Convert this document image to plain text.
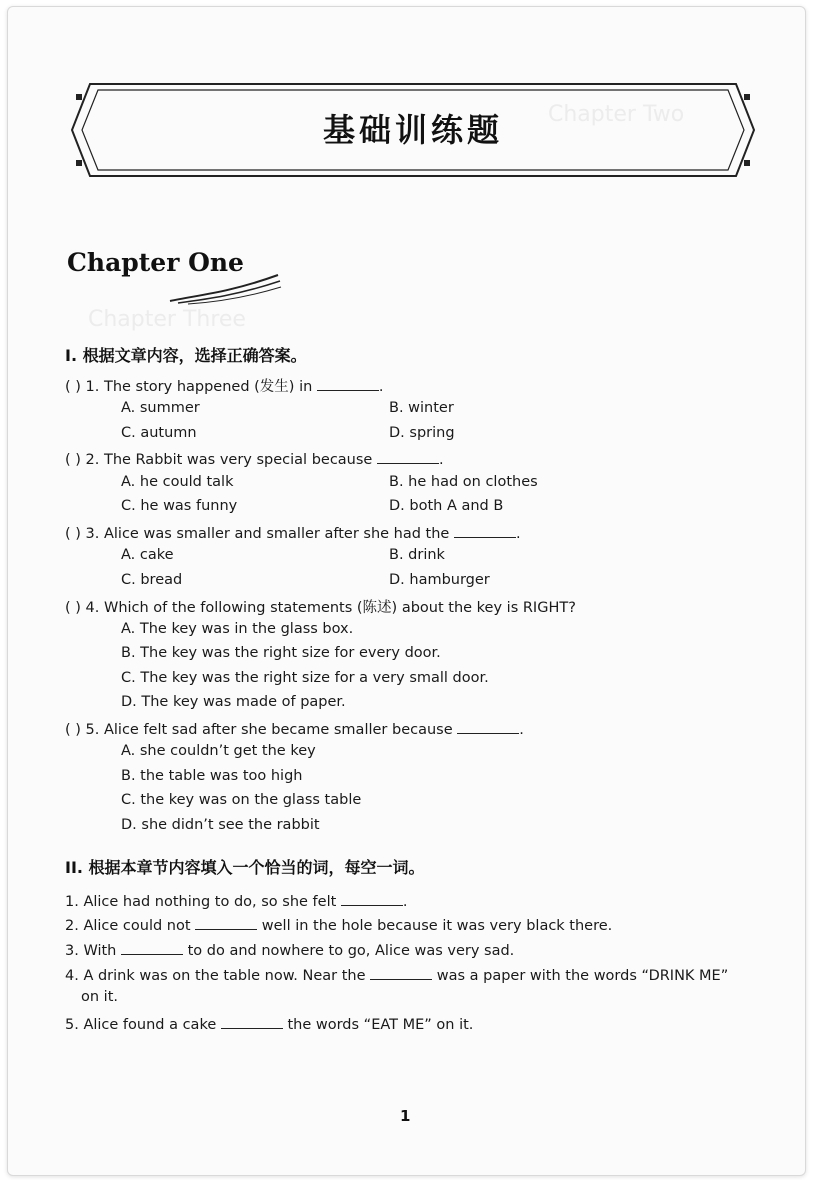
Chapter Two
Chapter Three
基础训练题
Chapter One
I. 根据文章内容，选择正确答案。
( ) 1. The story happened (发生) in	.
A. summer	B. winter
C. autumn	D. spring
( ) 2. The Rabbit was very special because	.
A. he could talk	B. he had on clothes
C. he was funny	D. both A and B
( ) 3. Alice was smaller and smaller after she had the	.
A. cake	B. drink
C. bread	D. hamburger
( ) 4. Which of the following statements (陈述) about the key is RIGHT?
A. The key was in the glass box.
B. The key was the right size for every door.
C. The key was the right size for a very small door.
D. The key was made of paper.
( ) 5. Alice felt sad after she became smaller because	.
A. she couldn’t get the key
B. the table was too high
C. the key was on the glass table
D. she didn’t see the rabbit
II. 根据本章节内容填入一个恰当的词，每空一词。
1. Alice had nothing to do, so she felt	.
2. Alice could not	well in the hole because it was very black there.
3. With	to do and nowhere to go, Alice was very sad.
4. A drink was on the table now. Near the	was a paper with the words “DRINK ME”
on it.
5. Alice found a cake	the words “EAT ME” on it.
1
